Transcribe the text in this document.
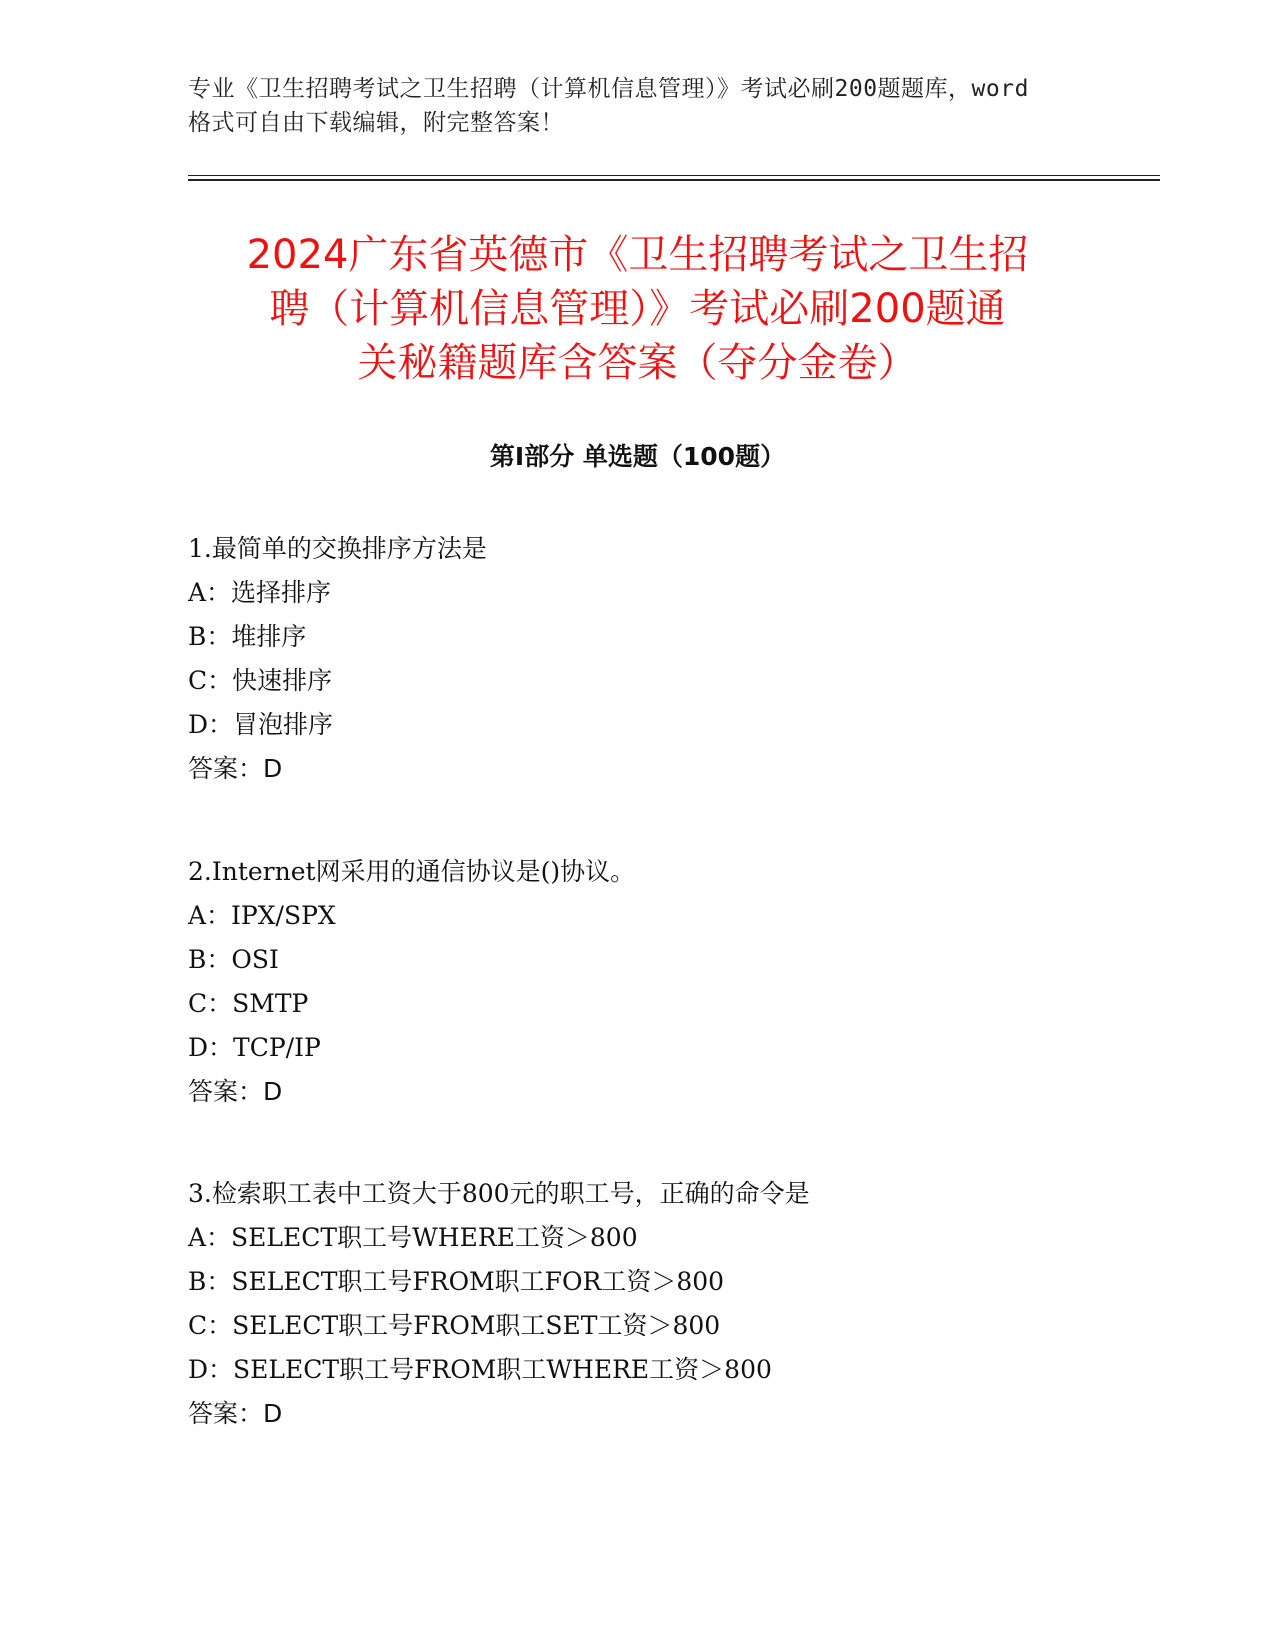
专业《卫生招聘考试之卫生招聘（计算机信息管理）》考试必刷200题题库，word
格式可自由下载编辑，附完整答案！
2024广东省英德市《卫生招聘考试之卫生招
聘（计算机信息管理）》考试必刷200题通
关秘籍题库含答案（夺分金卷）
第Ⅰ部分 单选题（100题）
1.最简单的交换排序方法是
A：选择排序
B：堆排序
C：快速排序
D：冒泡排序
答案：D
2.Internet网采用的通信协议是()协议。
A：IPX/SPX
B：OSI
C：SMTP
D：TCP/IP
答案：D
3.检索职工表中工资大于800元的职工号，正确的命令是
A：SELECT职工号WHERE工资＞800
B：SELECT职工号FROM职工FOR工资＞800
C：SELECT职工号FROM职工SET工资＞800
D：SELECT职工号FROM职工WHERE工资＞800
答案：D
